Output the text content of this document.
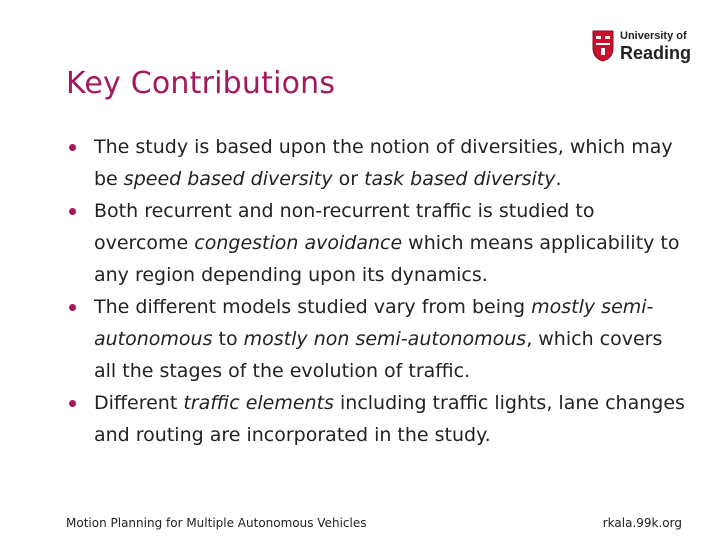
University of
Reading
Key Contributions
The study is based upon the notion of diversities, which may be speed based diversity or task based diversity.
Both recurrent and non-recurrent traffic is studied to overcome congestion avoidance which means applicability to any region depending upon its dynamics.
The different models studied vary from being mostly semi-autonomous to mostly non semi-autonomous, which covers all the stages of the evolution of traffic.
Different traffic elements including traffic lights, lane changes and routing are incorporated in the study.
Motion Planning for Multiple Autonomous Vehicles	rkala.99k.org
